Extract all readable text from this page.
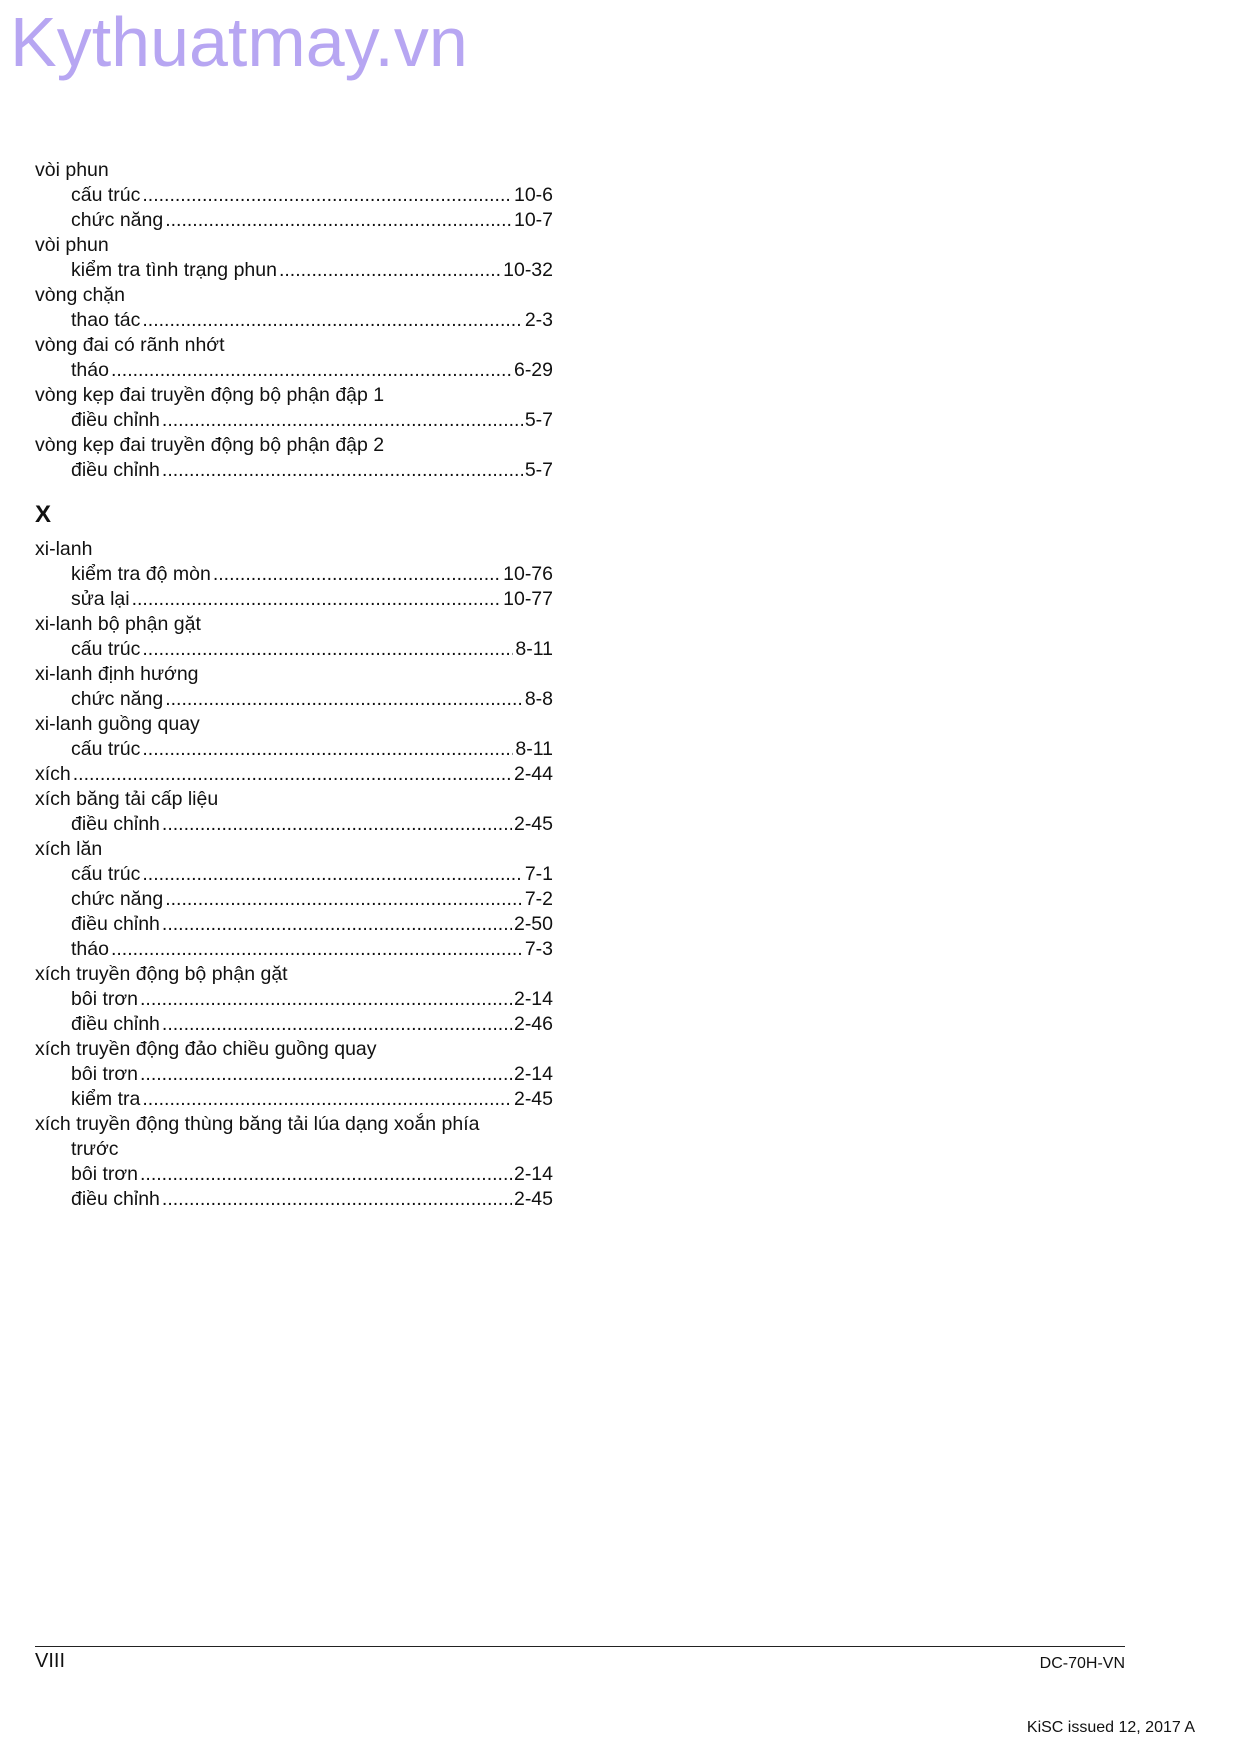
Kythuatmay.vn
vòi phun
cấu trúc .....	10-6
chức năng .....	10-7
vòi phun
kiểm tra tình trạng phun .....	10-32
vòng chặn
thao tác .....	2-3
vòng đai có rãnh nhớt
tháo .....	6-29
vòng kẹp đai truyền động bộ phận đập 1
điều chỉnh .....	5-7
vòng kẹp đai truyền động bộ phận đập 2
điều chỉnh .....	5-7
X
xi-lanh
kiểm tra độ mòn .....	10-76
sửa lại .....	10-77
xi-lanh bộ phận gặt
cấu trúc .....	8-11
xi-lanh định hướng
chức năng .....	8-8
xi-lanh guồng quay
cấu trúc .....	8-11
xích .....	2-44
xích băng tải cấp liệu
điều chỉnh .....	2-45
xích lăn
cấu trúc .....	7-1
chức năng .....	7-2
điều chỉnh .....	2-50
tháo .....	7-3
xích truyền động bộ phận gặt
bôi trơn .....	2-14
điều chỉnh .....	2-46
xích truyền động đảo chiều guồng quay
bôi trơn .....	2-14
kiểm tra .....	2-45
xích truyền động thùng băng tải lúa dạng xoắn phía
trước
bôi trơn .....	2-14
điều chỉnh .....	2-45
VIII	DC-70H-VN
KiSC issued 12, 2017 A
